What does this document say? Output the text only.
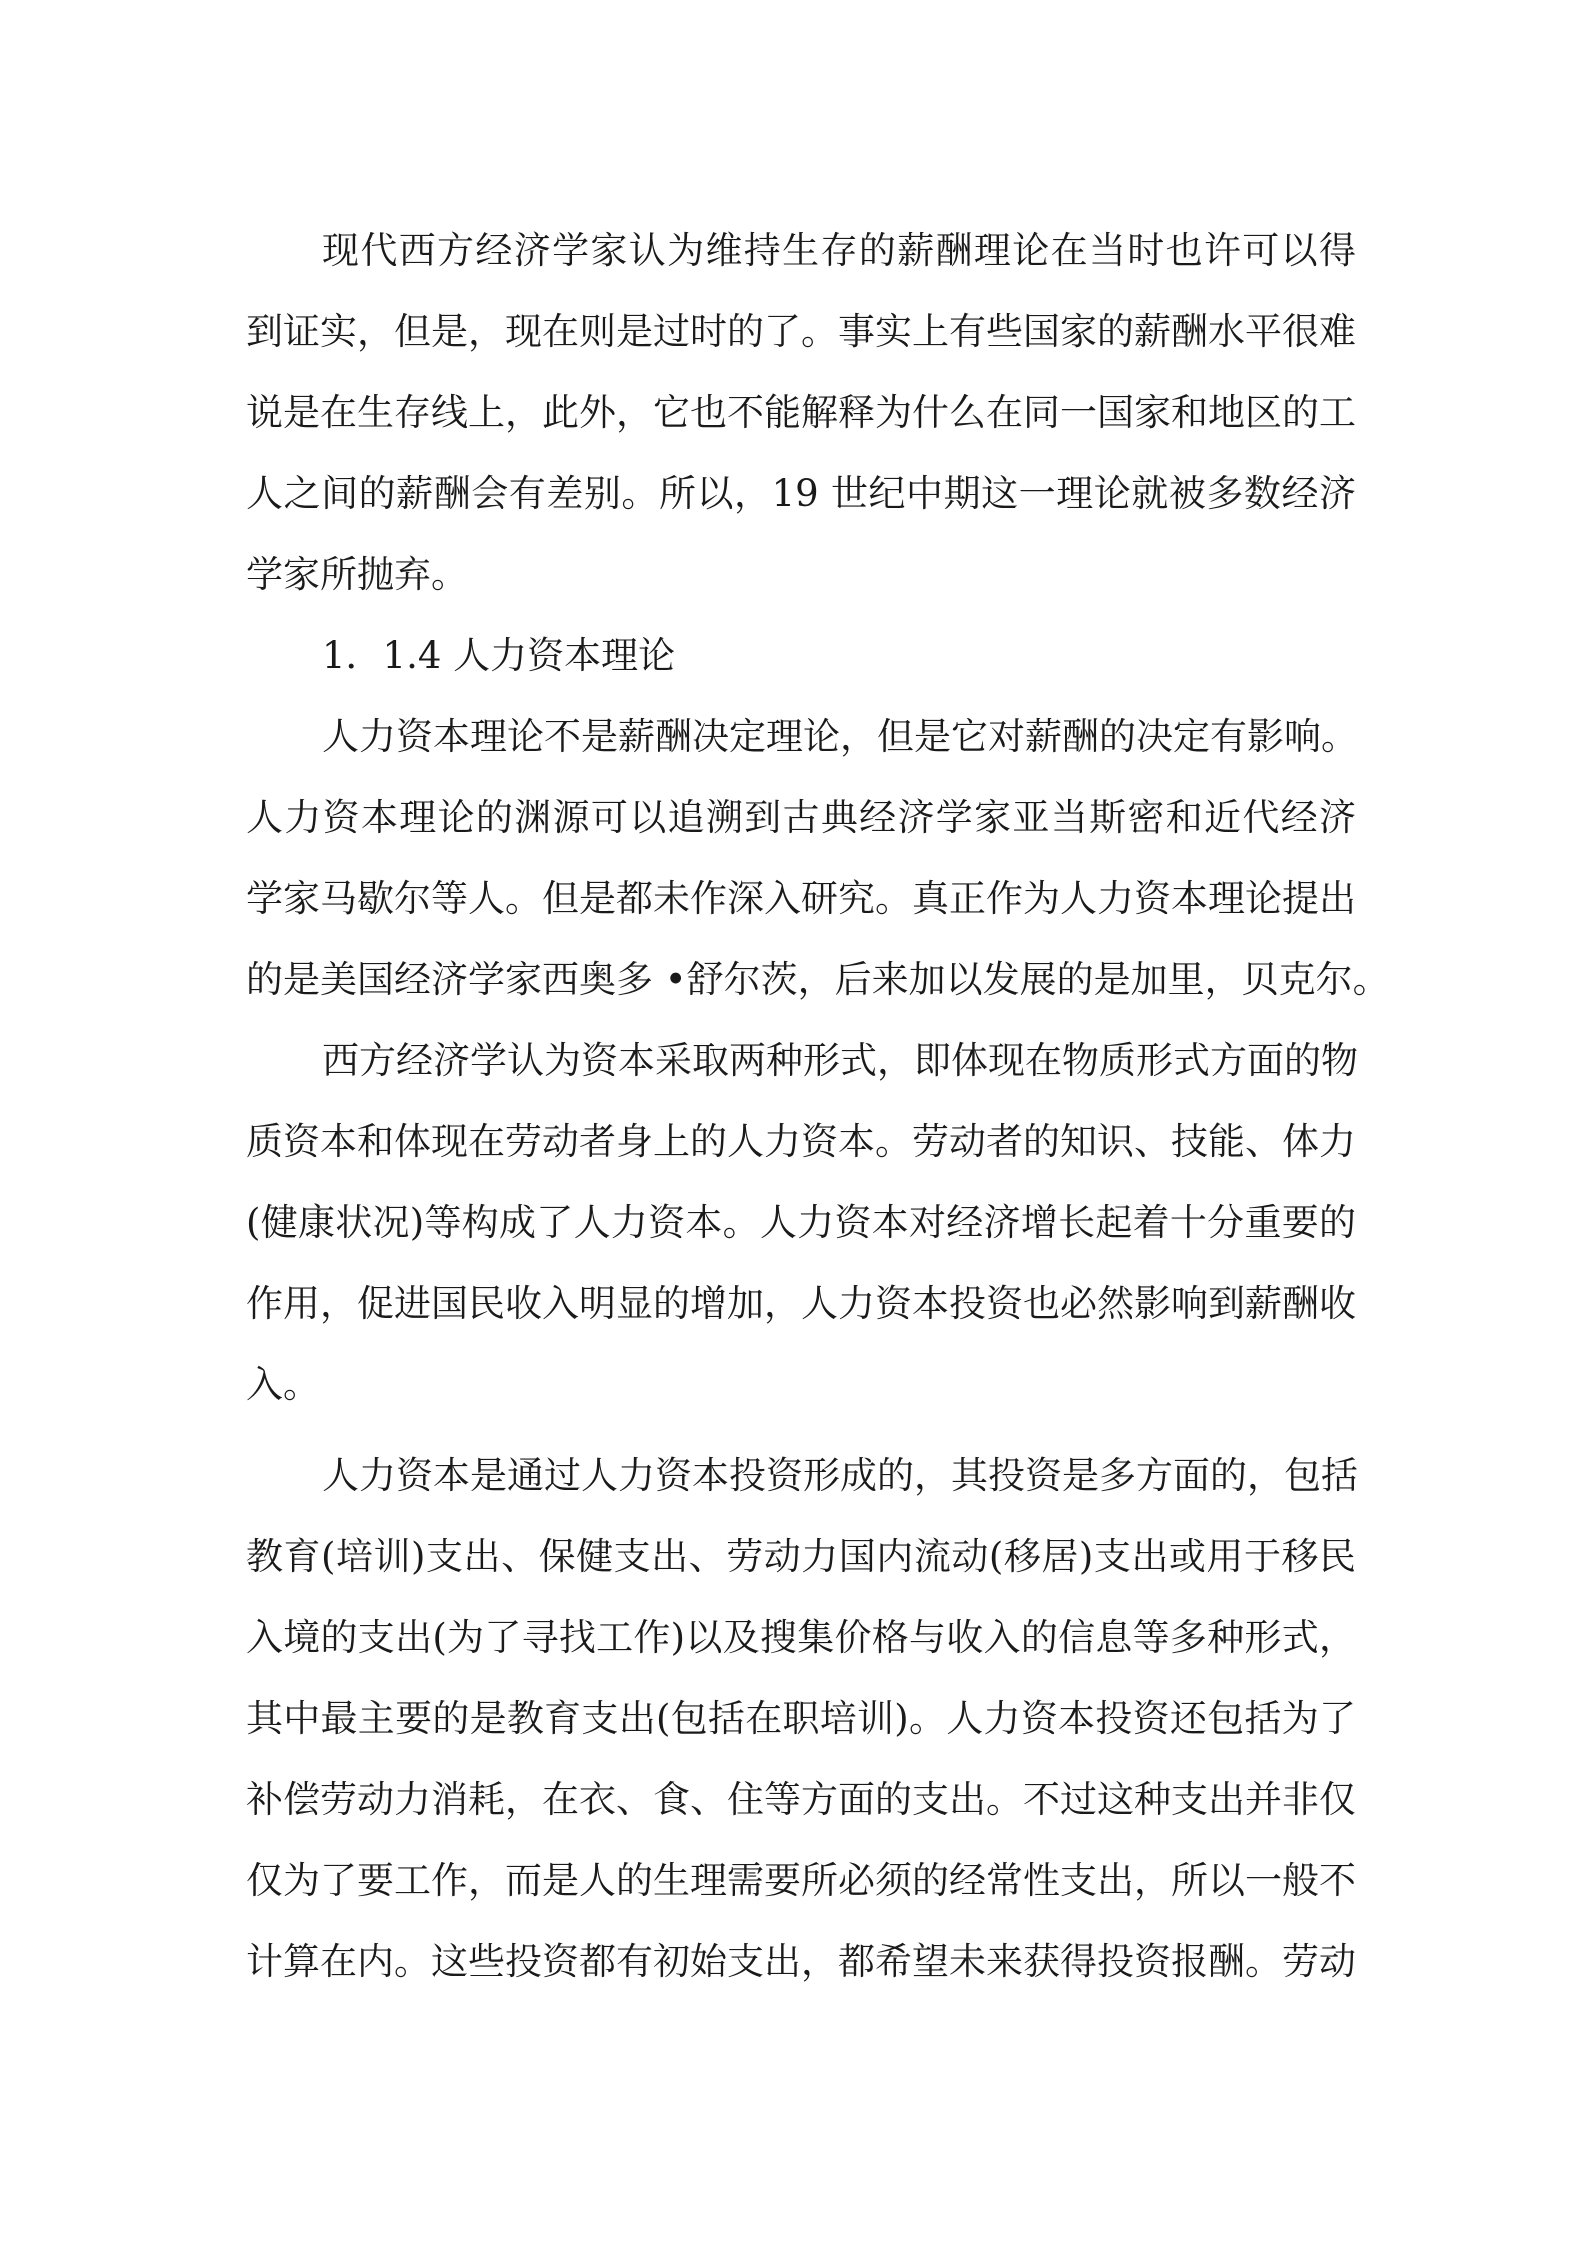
现代西方经济学家认为维持生存的薪酬理论在当时也许可以得
到证实，但是，现在则是过时的了。事实上有些国家的薪酬水平很难
说是在生存线上，此外，它也不能解释为什么在同一国家和地区的工
人之间的薪酬会有差别。所以，19 世纪中期这一理论就被多数经济
学家所抛弃。
1．1.4 人力资本理论
人力资本理论不是薪酬决定理论，但是它对薪酬的决定有影响。
人力资本理论的渊源可以追溯到古典经济学家亚当斯密和近代经济
学家马歇尔等人。但是都未作深入研究。真正作为人力资本理论提出
的是美国经济学家西奥多 •舒尔茨，后来加以发展的是加里，贝克尔。
西方经济学认为资本采取两种形式，即体现在物质形式方面的物
质资本和体现在劳动者身上的人力资本。劳动者的知识、技能、体力
(健康状况)等构成了人力资本。人力资本对经济增长起着十分重要的
作用，促进国民收入明显的增加，人力资本投资也必然影响到薪酬收
入。
人力资本是通过人力资本投资形成的，其投资是多方面的，包括
教育(培训)支出、保健支出、劳动力国内流动(移居)支出或用于移民
入境的支出(为了寻找工作)以及搜集价格与收入的信息等多种形式，
其中最主要的是教育支出(包括在职培训)。人力资本投资还包括为了
补偿劳动力消耗，在衣、食、住等方面的支出。不过这种支出并非仅
仅为了要工作，而是人的生理需要所必须的经常性支出，所以一般不
计算在内。这些投资都有初始支出，都希望未来获得投资报酬。劳动
